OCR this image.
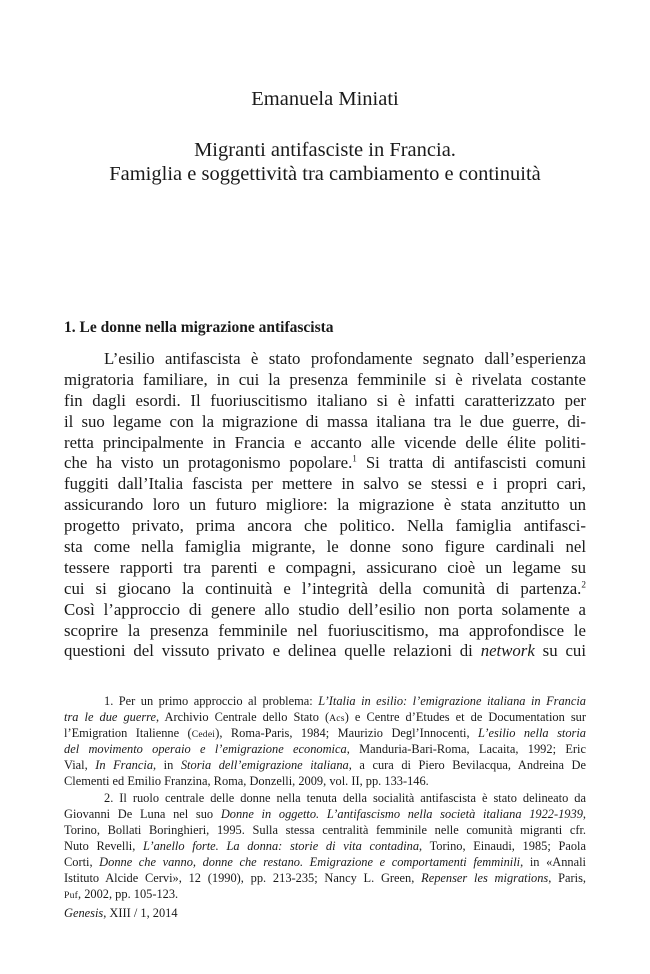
Emanuela Miniati
Migranti antifasciste in Francia.
Famiglia e soggettività tra cambiamento e continuità
1. Le donne nella migrazione antifascista
L’esilio antifascista è stato profondamente segnato dall’esperienza
migratoria familiare, in cui la presenza femminile si è rivelata costante
fin dagli esordi. Il fuoriuscitismo italiano si è infatti caratterizzato per
il suo legame con la migrazione di massa italiana tra le due guerre, di-
retta principalmente in Francia e accanto alle vicende delle élite politi-
che ha visto un protagonismo popolare.$^1$ Si tratta di antifascisti comuni
fuggiti dall’Italia fascista per mettere in salvo se stessi e i propri cari,
assicurando loro un futuro migliore: la migrazione è stata anzitutto un
progetto privato, prima ancora che politico. Nella famiglia antifasci-
sta come nella famiglia migrante, le donne sono figure cardinali nel
tessere rapporti tra parenti e compagni, assicurano cioè un legame su
cui si giocano la continuità e l’integrità della comunità di partenza.$^2$
Così l’approccio di genere allo studio dell’esilio non porta solamente a
scoprire la presenza femminile nel fuoriuscitismo, ma approfondisce le
questioni del vissuto privato e delinea quelle relazioni di network su cui
1. Per un primo approccio al problema: L’Italia in esilio: l’emigrazione italiana in Francia
tra le due guerre, Archivio Centrale dello Stato (Acs) e Centre d’Etudes et de Documentation sur
l’Emigration Italienne (Cedei), Roma-Paris, 1984; Maurizio Degl’Innocenti, L’esilio nella storia
del movimento operaio e l’emigrazione economica, Manduria-Bari-Roma, Lacaita, 1992; Eric
Vial, In Francia, in Storia dell’emigrazione italiana, a cura di Piero Bevilacqua, Andreina De
Clementi ed Emilio Franzina, Roma, Donzelli, 2009, vol. II, pp. 133-146.
2. Il ruolo centrale delle donne nella tenuta della socialità antifascista è stato delineato da
Giovanni De Luna nel suo Donne in oggetto. L’antifascismo nella società italiana 1922-1939,
Torino, Bollati Boringhieri, 1995. Sulla stessa centralità femminile nelle comunità migranti cfr.
Nuto Revelli, L’anello forte. La donna: storie di vita contadina, Torino, Einaudi, 1985; Paola
Corti, Donne che vanno, donne che restano. Emigrazione e comportamenti femminili, in «Annali
Istituto Alcide Cervi», 12 (1990), pp. 213-235; Nancy L. Green, Repenser les migrations, Paris,
Puf, 2002, pp. 105-123.
Genesis, XIII / 1, 2014
